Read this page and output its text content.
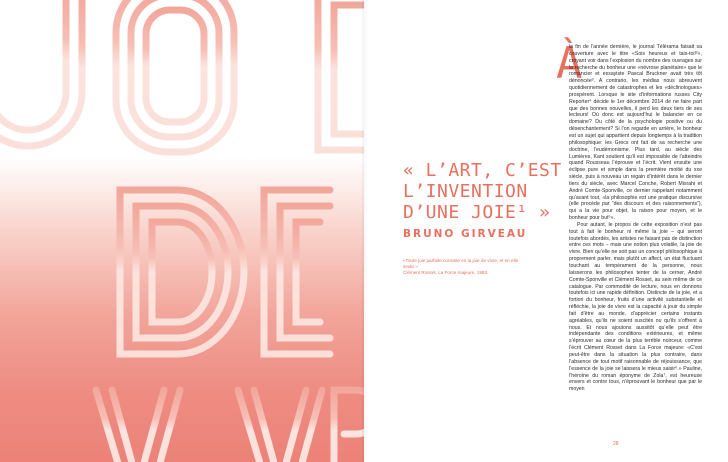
« L’ART, C’EST
L’INVENTION
D’UNE JOIE¹ »
BRUNO GIRVEAU

«Toute joie parfaite consiste en la joie de vivre, et en elle seule.»
Clément Rosset, La Force majeure, 1983.

À

la fin de l’année dernière, le journal Télérama faisait sa couverture avec le titre «Sois heureux et tais-toi!²», croyant voir dans l’explosion du nombre des ouvrages sur la recherche du bonheur une «névrose planétaire» que le romancier et essayiste Pascal Bruckner avait très tôt dénoncée³. A contrario, les médias nous abreuvent quotidiennement de catastrophes et les «déclinologues» prospèrent. Lorsque le site d’informations russes City Reporter⁴ décide le 1er décembre 2014 de ne faire part que des bonnes nouvelles, il perd les deux tiers de ses lecteurs! Où donc est aujourd’hui le balancier en ce domaine? Du côté de la psychologie positive ou du désenchantement? Si l’on regarde en arrière, le bonheur est un sujet qui appartient depuis longtemps à la tradition philosophique: les Grecs ont fait de sa recherche une doctrine, l’eudémonisme. Plus tard, au siècle des Lumières, Kant soutient qu’il est impossible de l’atteindre quand Rousseau l’éprouve et l’écrit. Vient ensuite une éclipse pure et simple dans la première moitié du xxe siècle, puis à nouveau un regain d’intérêt dans le dernier tiers du siècle, avec Marcel Conche, Robert Misrahi et André Comte-Sponville, ce dernier rappelant notamment qu’avant tout, «la philosophie est une pratique discursive (elle procède par “des discours et des raisonnements”), qui a la vie pour objet, la raison pour moyen, et le bonheur pour but⁵».

Pour autant, le propos de cette exposition n’est pas tout à fait le bonheur ni même la joie – qui seront toutefois abordés, les artistes ne faisant pas de distinction entre ces mots – mais une notion plus volatile, la joie de vivre. Bien qu’elle ne soit pas un concept philosophique à proprement parler, mais plutôt un affect, un état fluctuant touchant au tempérament de la personne, nous laisserons les philosophes tenter de la cerner, André Comte-Sponville et Clément Rosset, au sein même de ce catalogue. Par commodité de lecture, nous en donnons toutefois ici une rapide définition. Distincte de la joie, et a fortiori du bonheur, fruits d’une activité substantielle et réfléchie, la joie de vivre est la capacité à jouir du simple fait d’être au monde, d’apprécier certains instants agréables, qu’ils ne soient suscités ou qu’ils s’offrent à nous. Et nous ajoutons aussitôt qu’elle peut être indépendante des conditions extérieures, et même s’éprouver au cœur de la plus terrible noirceur, comme l’écrit Clément Rosset dans La Force majeure: «C’est peut-être dans la situation la plus contraire, dans l’absence de tout motif raisonnable de réjouissance, que l’essence de la joie se laissera le mieux saisir⁶.» Pauline, l’héroïne du roman éponyme de Zola⁷, est heureuse envers et contre tous, n’éprouvant le bonheur que par le moyen

28
